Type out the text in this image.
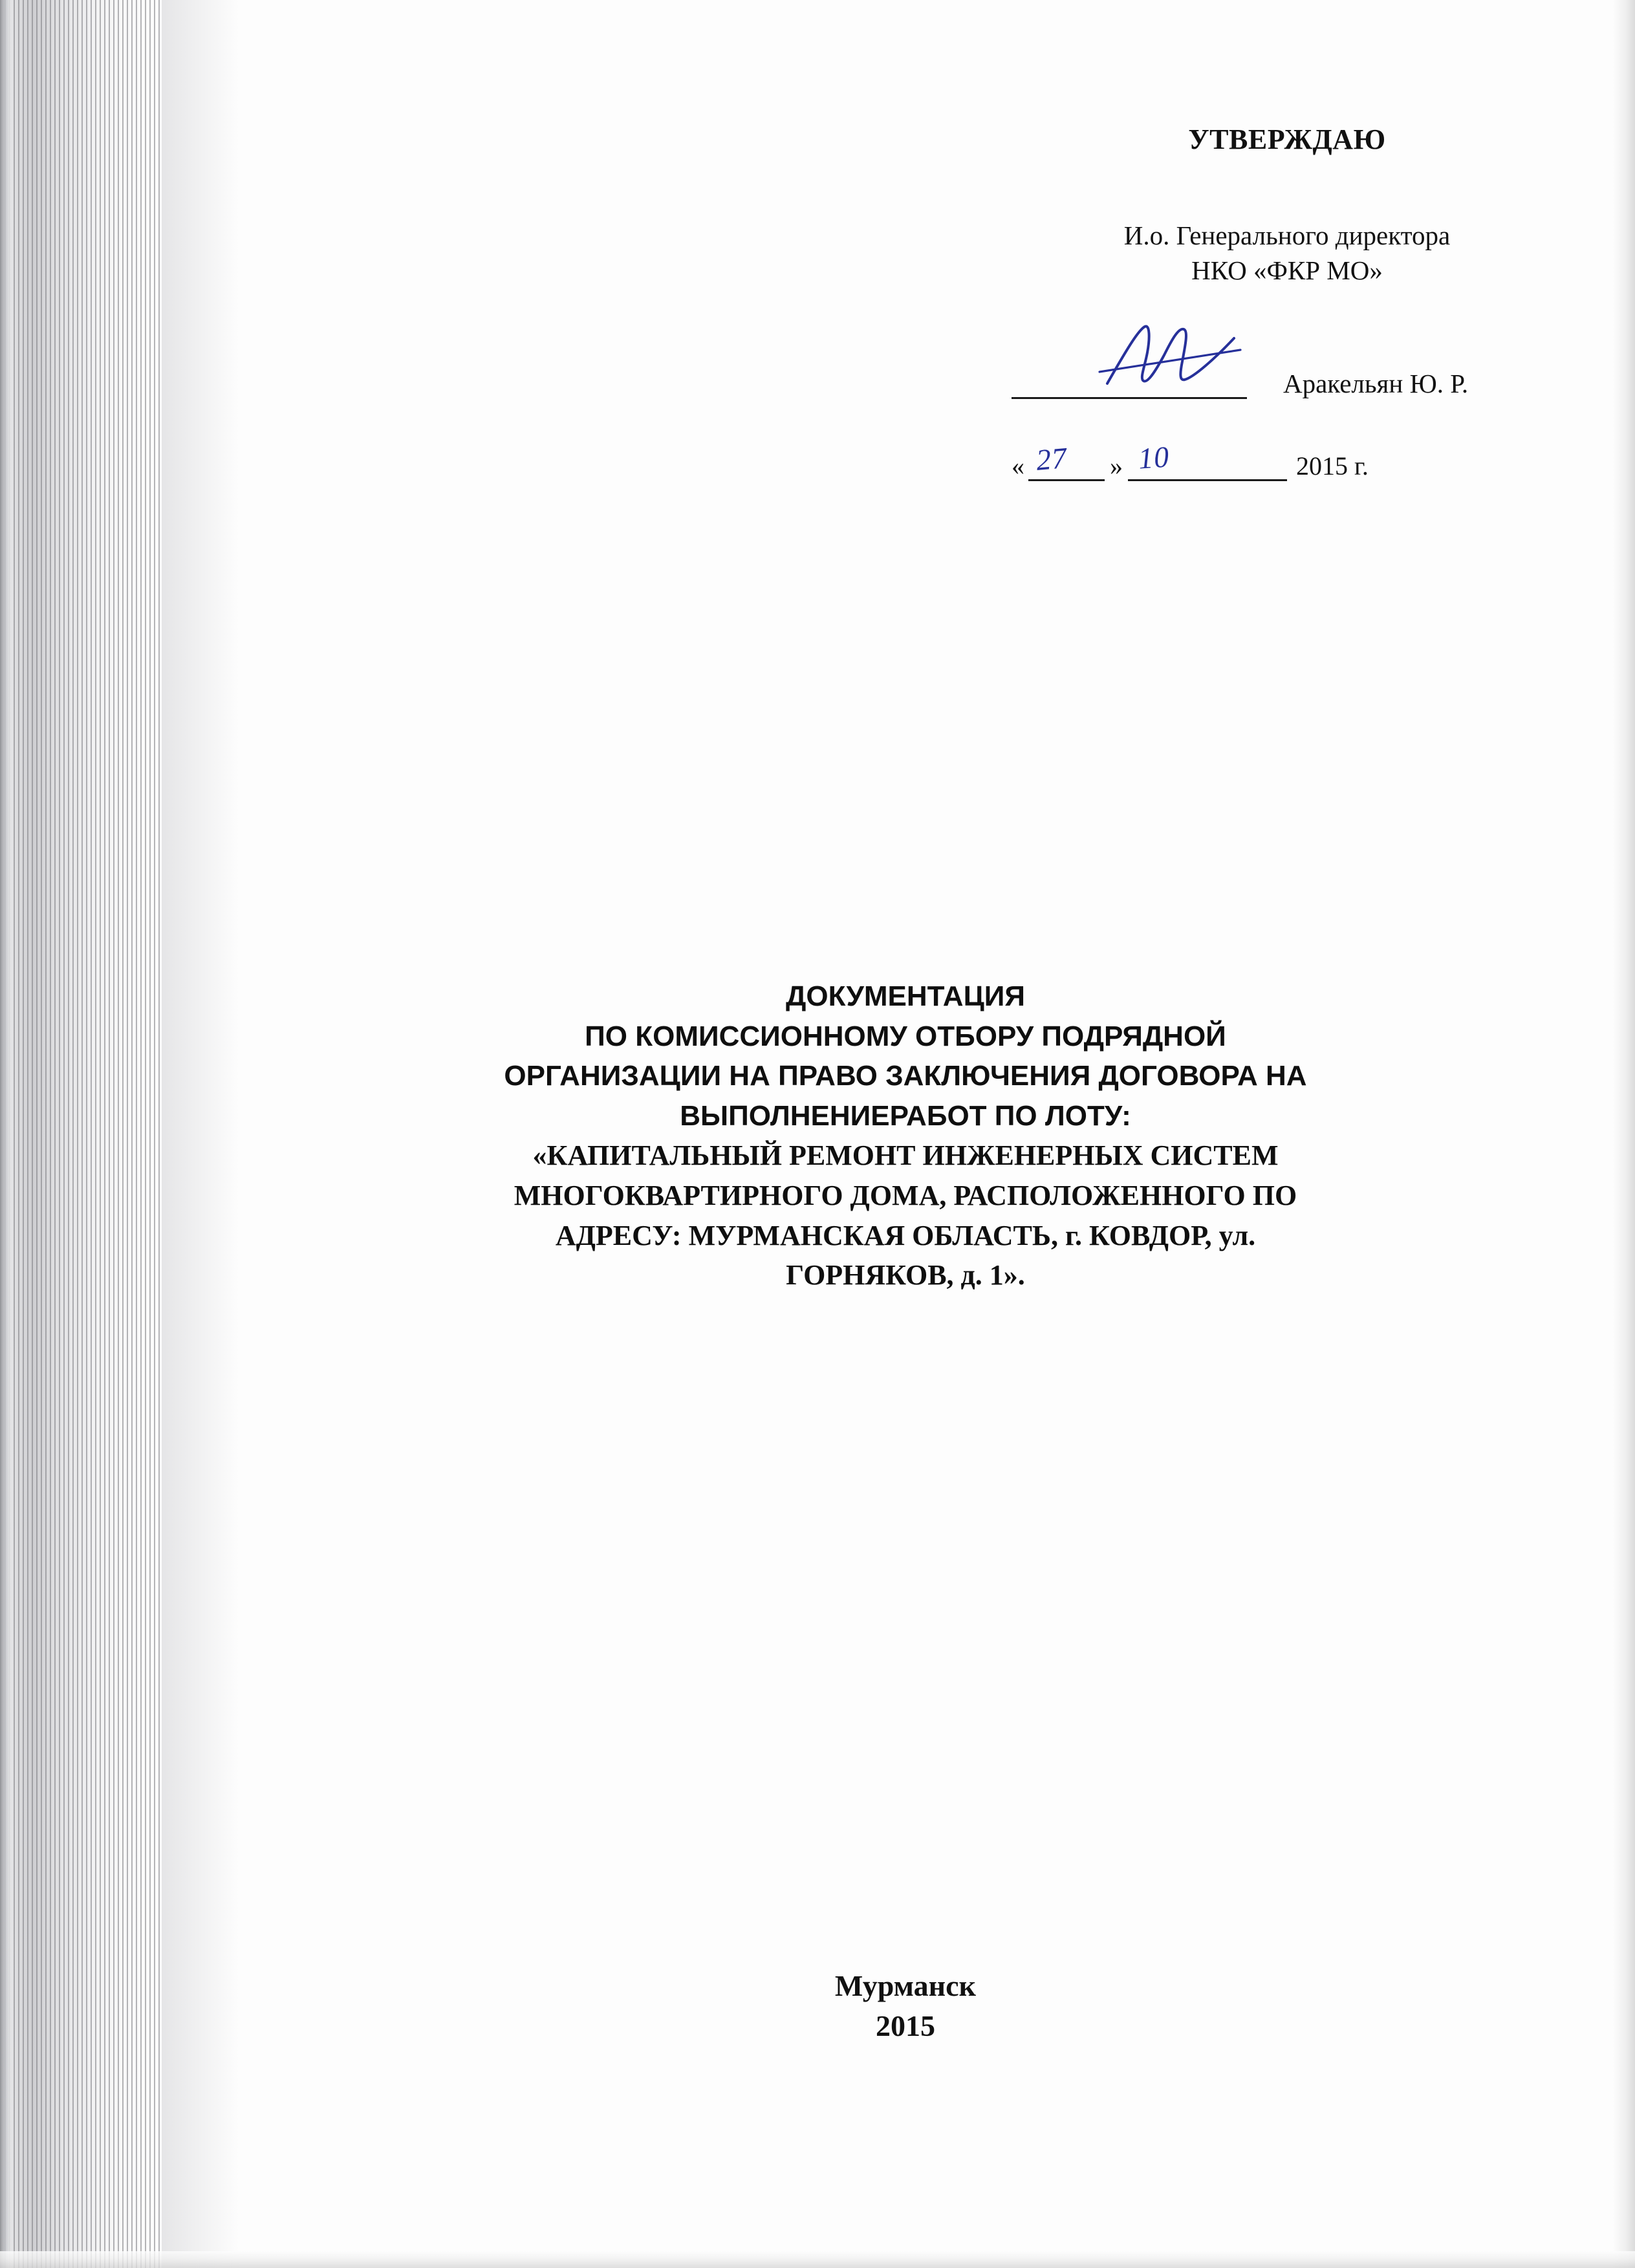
УТВЕРЖДАЮ
И.о. Генерального директора
НКО «ФКР МО»
Аракельян Ю. Р.
«	»	2015 г.
27 10
ДОКУМЕНТАЦИЯ
ПО КОМИССИОННОМУ ОТБОРУ ПОДРЯДНОЙ
ОРГАНИЗАЦИИ НА ПРАВО ЗАКЛЮЧЕНИЯ ДОГОВОРА НА
ВЫПОЛНЕНИЕРАБОТ ПО ЛОТУ:
«КАПИТАЛЬНЫЙ РЕМОНТ ИНЖЕНЕРНЫХ СИСТЕМ
МНОГОКВАРТИРНОГО ДОМА, РАСПОЛОЖЕННОГО ПО
АДРЕСУ: МУРМАНСКАЯ ОБЛАСТЬ, г. КОВДОР, ул.
ГОРНЯКОВ, д. 1».
Мурманск
2015
